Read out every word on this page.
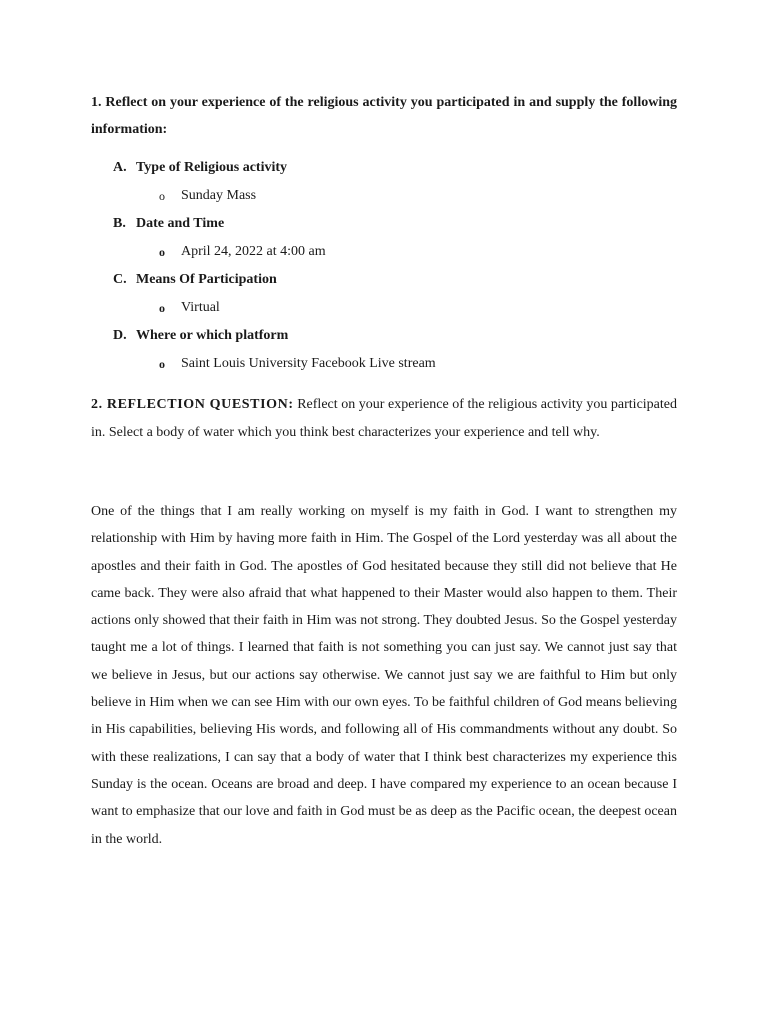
1. Reflect on your experience of the religious activity you participated in and supply the following information:

A. Type of Religious activity
o Sunday Mass
B. Date and Time
o April 24, 2022 at 4:00 am
C. Means Of Participation
o Virtual
D. Where or which platform
o Saint Louis University Facebook Live stream

2. REFLECTION QUESTION: Reflect on your experience of the religious activity you participated in. Select a body of water which you think best characterizes your experience and tell why.

One of the things that I am really working on myself is my faith in God. I want to strengthen my relationship with Him by having more faith in Him. The Gospel of the Lord yesterday was all about the apostles and their faith in God. The apostles of God hesitated because they still did not believe that He came back. They were also afraid that what happened to their Master would also happen to them. Their actions only showed that their faith in Him was not strong. They doubted Jesus. So the Gospel yesterday taught me a lot of things. I learned that faith is not something you can just say. We cannot just say that we believe in Jesus, but our actions say otherwise. We cannot just say we are faithful to Him but only believe in Him when we can see Him with our own eyes. To be faithful children of God means believing in His capabilities, believing His words, and following all of His commandments without any doubt. So with these realizations, I can say that a body of water that I think best characterizes my experience this Sunday is the ocean. Oceans are broad and deep. I have compared my experience to an ocean because I want to emphasize that our love and faith in God must be as deep as the Pacific ocean, the deepest ocean in the world.
